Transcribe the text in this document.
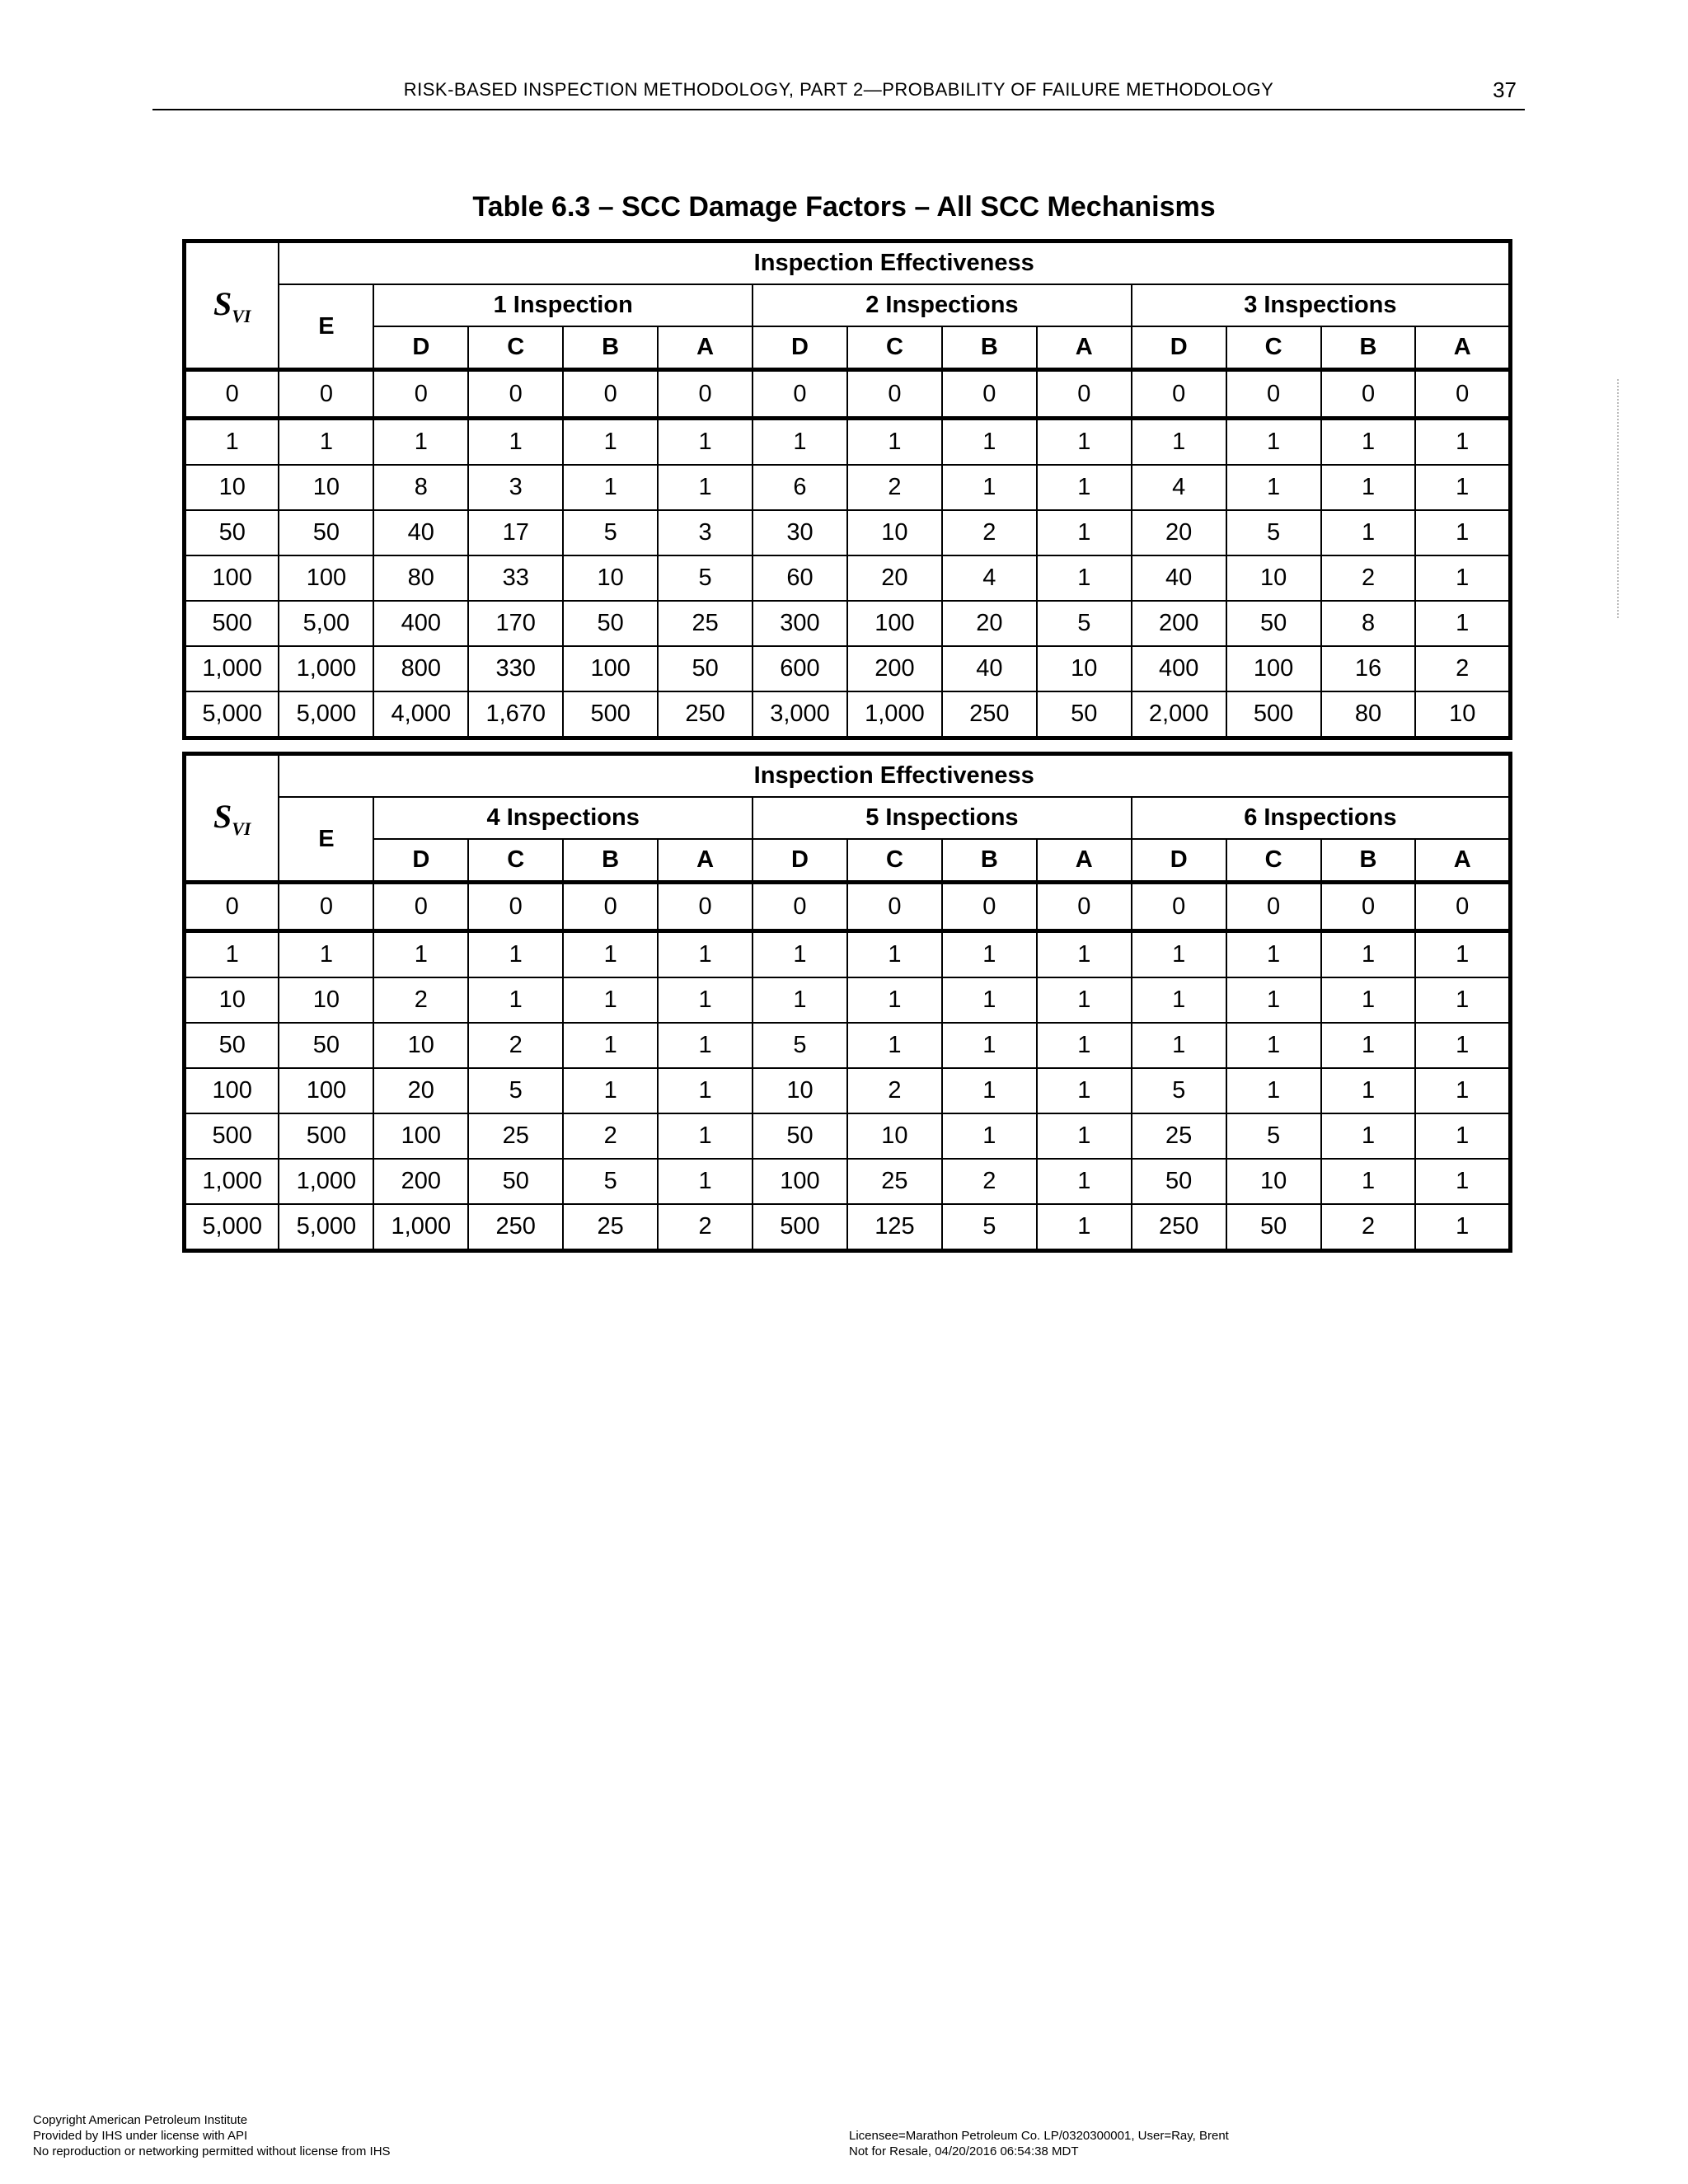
RISK-BASED INSPECTION METHODOLOGY, PART 2—PROBABILITY OF FAILURE METHODOLOGY	37
Table 6.3 – SCC Damage Factors – All SCC Mechanisms
$S_{VI}$	Inspection Effectiveness												
	E	1 Inspection				2 Inspections				3 Inspections			
		D	C	B	A	D	C	B	A	D	C	B	A
0	0	0	0	0	0	0	0	0	0	0	0	0	0
1	1	1	1	1	1	1	1	1	1	1	1	1	1
10	10	8	3	1	1	6	2	1	1	4	1	1	1
50	50	40	17	5	3	30	10	2	1	20	5	1	1
100	100	80	33	10	5	60	20	4	1	40	10	2	1
500	5,00	400	170	50	25	300	100	20	5	200	50	8	1
1,000	1,000	800	330	100	50	600	200	40	10	400	100	16	2
5,000	5,000	4,000	1,670	500	250	3,000	1,000	250	50	2,000	500	80	10
$S_{VI}$	Inspection Effectiveness												
	E	4 Inspections				5 Inspections				6 Inspections			
		D	C	B	A	D	C	B	A	D	C	B	A
0	0	0	0	0	0	0	0	0	0	0	0	0	0
1	1	1	1	1	1	1	1	1	1	1	1	1	1
10	10	2	1	1	1	1	1	1	1	1	1	1	1
50	50	10	2	1	1	5	1	1	1	1	1	1	1
100	100	20	5	1	1	10	2	1	1	5	1	1	1
500	500	100	25	2	1	50	10	1	1	25	5	1	1
1,000	1,000	200	50	5	1	100	25	2	1	50	10	1	1
5,000	5,000	1,000	250	25	2	500	125	5	1	250	50	2	1
Copyright American Petroleum Institute
Provided by IHS under license with API
No reproduction or networking permitted without license from IHS
Licensee=Marathon Petroleum Co. LP/0320300001, User=Ray, Brent
Not for Resale, 04/20/2016 06:54:38 MDT
